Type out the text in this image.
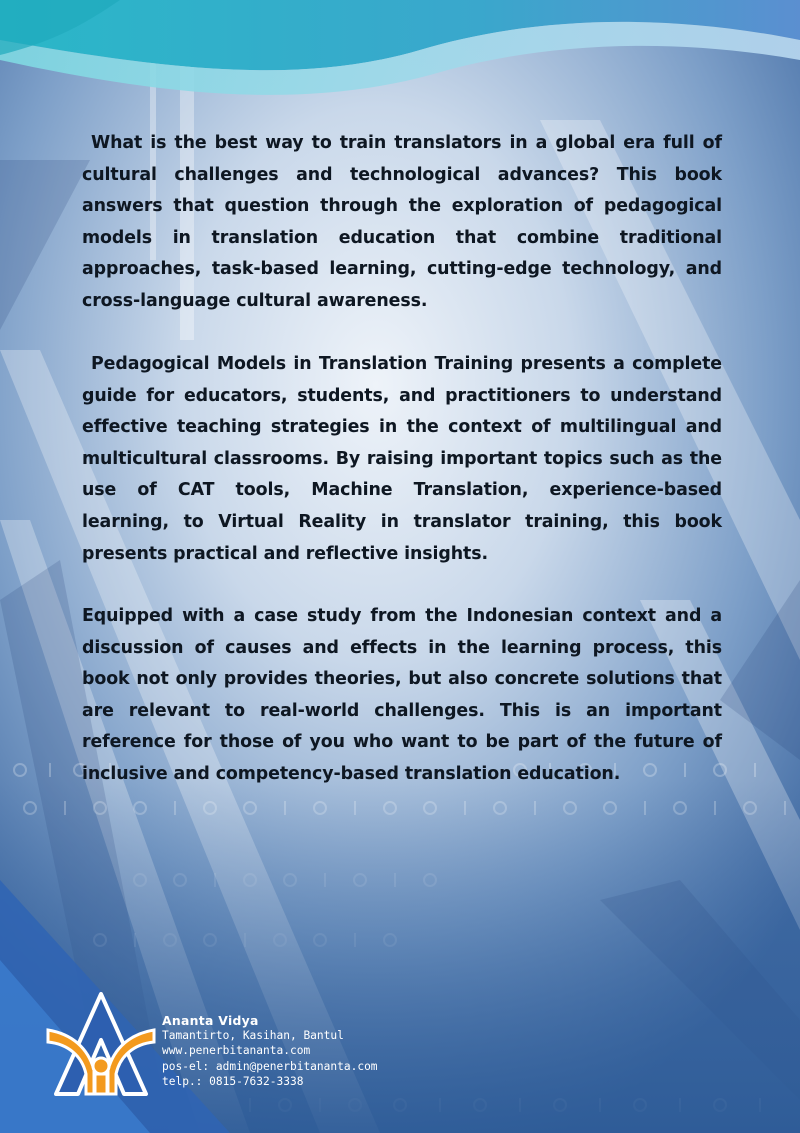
What is the best way to train translators in a global era full of cultural challenges and technological advances? This book answers that question through the exploration of pedagogical models in translation education that combine traditional approaches, task-based learning, cutting-edge technology, and cross-language cultural awareness.

Pedagogical Models in Translation Training presents a complete guide for educators, students, and practitioners to understand effective teaching strategies in the context of multilingual and multicultural classrooms. By raising important topics such as the use of CAT tools, Machine Translation, experience-based learning, to Virtual Reality in translator training, this book presents practical and reflective insights.

Equipped with a case study from the Indonesian context and a discussion of causes and effects in the learning process, this book not only provides theories, but also concrete solutions that are relevant to real-world challenges. This is an important reference for those of you who want to be part of the future of inclusive and competency-based translation education.

Ananta Vidya
Tamantirto, Kasihan, Bantul
www.penerbitananta.com
pos-el: admin@penerbitananta.com
telp.: 0815-7632-3338
